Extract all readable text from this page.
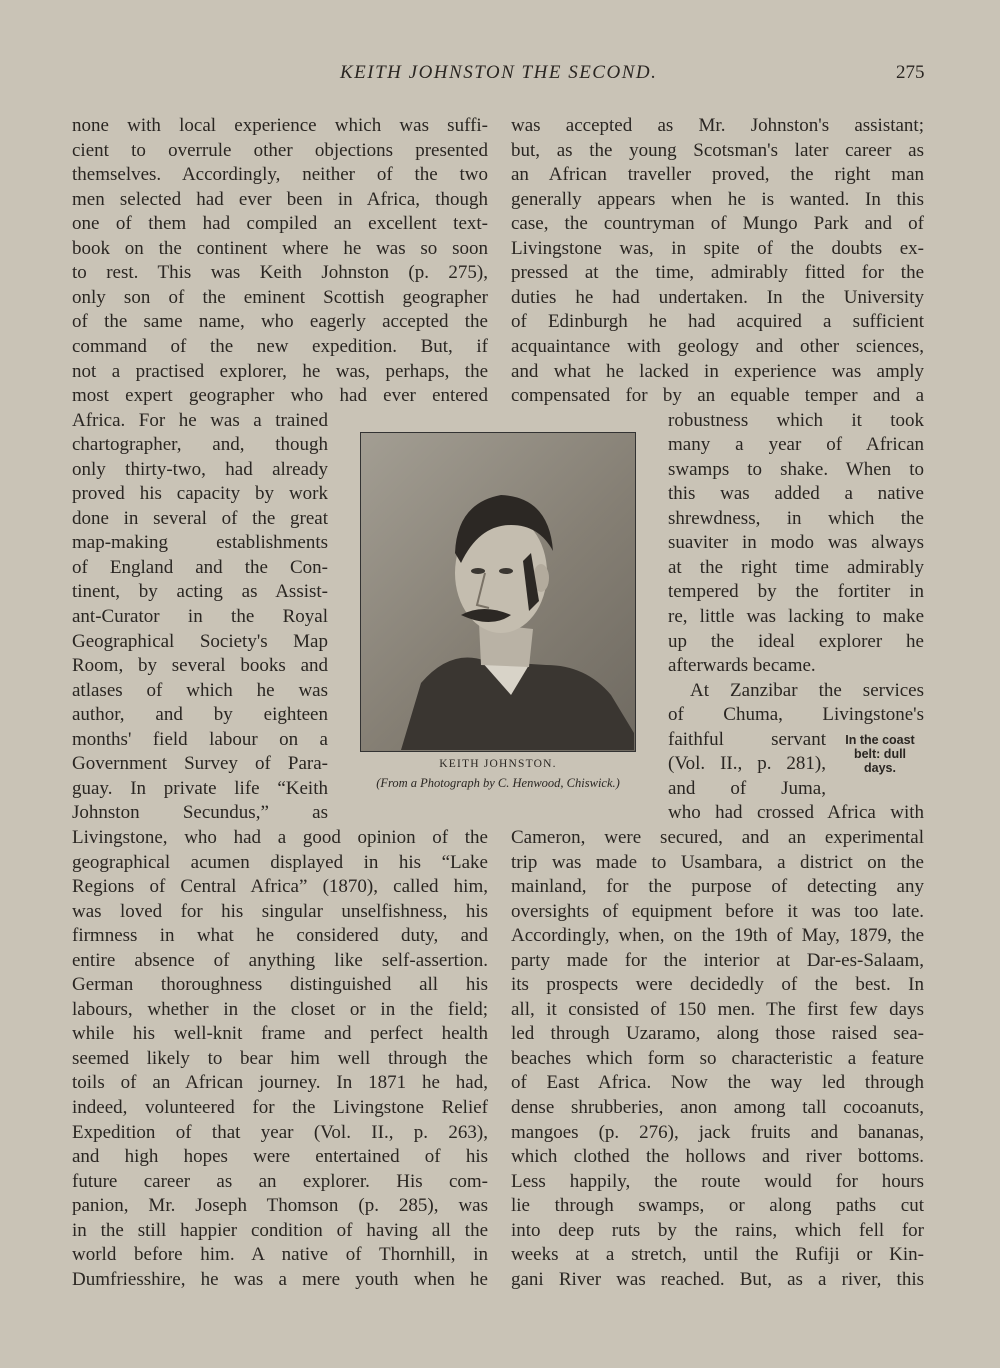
KEITH JOHNSTON THE SECOND.	275
none with local experience which was suffi-
cient to overrule other objections presented
themselves. Accordingly, neither of the two
men selected had ever been in Africa, though
one of them had compiled an excellent text-
book on the continent where he was so soon
to rest. This was Keith Johnston (p. 275),
only son of the eminent Scottish geographer
of the same name, who eagerly accepted the
command of the new expedition. But, if
not a practised explorer, he was, perhaps, the
most expert geographer who had ever entered
Africa. For he was a trained
chartographer, and, though
only thirty-two, had already
proved his capacity by work
done in several of the great
map-making establishments
of England and the Con-
tinent, by acting as Assist-
ant-Curator in the Royal
Geographical Society's Map
Room, by several books and
atlases of which he was
author, and by eighteen
months' field labour on a
Government Survey of Para-
guay. In private life “Keith
Johnston Secundus,” as
Livingstone, who had a good opinion of the
geographical acumen displayed in his “Lake
Regions of Central Africa” (1870), called him,
was loved for his singular unselfishness, his
firmness in what he considered duty, and
entire absence of anything like self-assertion.
German thoroughness distinguished all his
labours, whether in the closet or in the field;
while his well-knit frame and perfect health
seemed likely to bear him well through the
toils of an African journey. In 1871 he had,
indeed, volunteered for the Livingstone Relief
Expedition of that year (Vol. II., p. 263),
and high hopes were entertained of his
future career as an explorer. His com-
panion, Mr. Joseph Thomson (p. 285), was
in the still happier condition of having all the
world before him. A native of Thornhill, in
Dumfriesshire, he was a mere youth when he
was accepted as Mr. Johnston's assistant;
but, as the young Scotsman's later career as
an African traveller proved, the right man
generally appears when he is wanted. In this
case, the countryman of Mungo Park and of
Livingstone was, in spite of the doubts ex-
pressed at the time, admirably fitted for the
duties he had undertaken. In the University
of Edinburgh he had acquired a sufficient
acquaintance with geology and other sciences,
and what he lacked in experience was amply
compensated for by an equable temper and a
robustness which it took
many a year of African
swamps to shake. When to
this was added a native
shrewdness, in which the
suaviter in modo was always
at the right time admirably
tempered by the fortiter in
re, little was lacking to make
up the ideal explorer he
afterwards became.
At Zanzibar the services
of Chuma, Livingstone's
faithful servant
(Vol. II., p. 281),
and of Juma,
who had crossed Africa with
Cameron, were secured, and an experimental
trip was made to Usambara, a district on the
mainland, for the purpose of detecting any
oversights of equipment before it was too late.
Accordingly, when, on the 19th of May, 1879, the
party made for the interior at Dar-es-Salaam,
its prospects were decidedly of the best. In
all, it consisted of 150 men. The first few days
led through Uzaramo, along those raised sea-
beaches which form so characteristic a feature
of East Africa. Now the way led through
dense shrubberies, anon among tall cocoanuts,
mangoes (p. 276), jack fruits and bananas,
which clothed the hollows and river bottoms.
Less happily, the route would for hours
lie through swamps, or along paths cut
into deep ruts by the rains, which fell for
weeks at a stretch, until the Rufiji or Kin-
gani River was reached. But, as a river, this
KEITH JOHNSTON.
(From a Photograph by C. Henwood, Chiswick.)
In the coast
belt: dull
days.
